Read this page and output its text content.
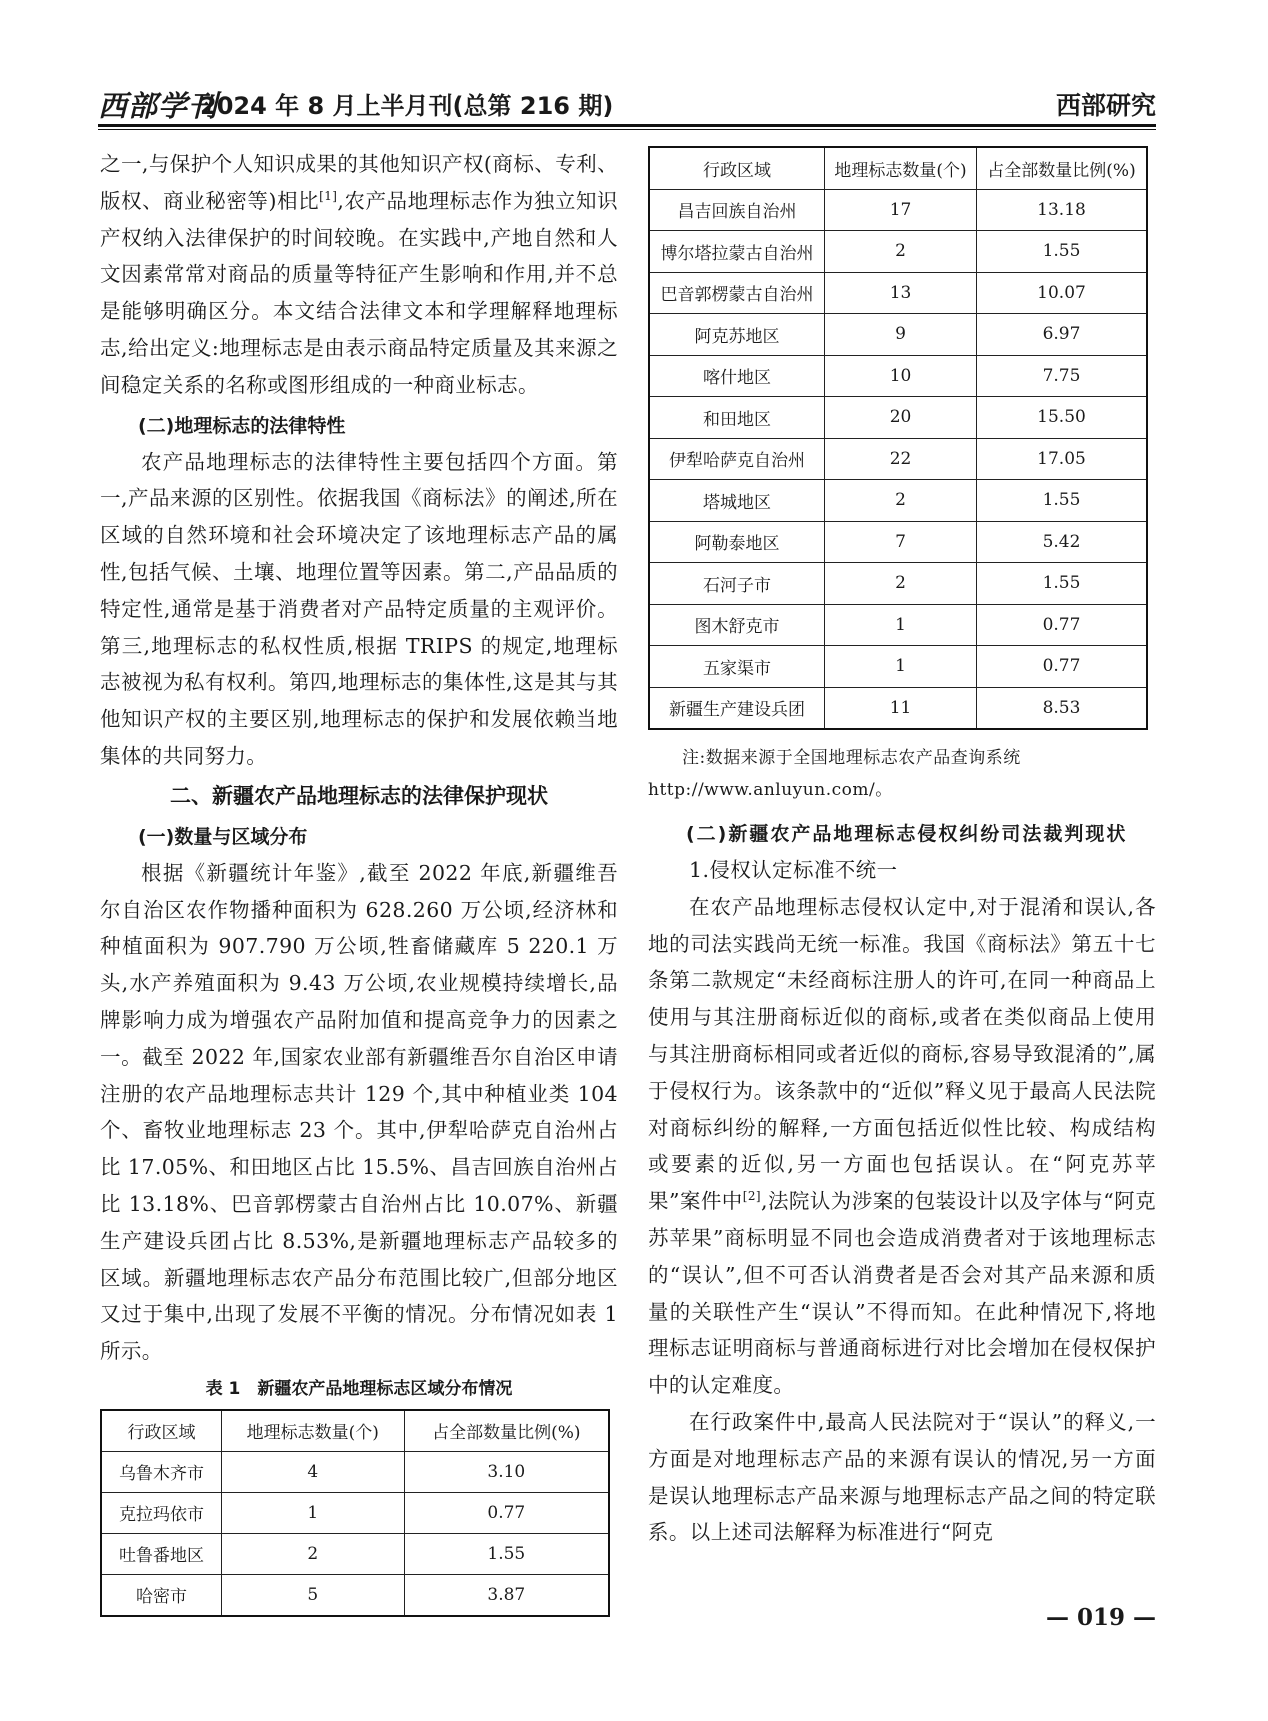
西部学刊
2024 年 8 月上半月刊(总第 216 期)	西部研究

之一,与保护个人知识成果的其他知识产权(商标、专利、版权、商业秘密等)相比[1],农产品地理标志作为独立知识产权纳入法律保护的时间较晚。在实践中,产地自然和人文因素常常对商品的质量等特征产生影响和作用,并不总是能够明确区分。本文结合法律文本和学理解释地理标志,给出定义:地理标志是由表示商品特定质量及其来源之间稳定关系的名称或图形组成的一种商业标志。

(二)地理标志的法律特性

农产品地理标志的法律特性主要包括四个方面。第一,产品来源的区别性。依据我国《商标法》的阐述,所在区域的自然环境和社会环境决定了该地理标志产品的属性,包括气候、土壤、地理位置等因素。第二,产品品质的特定性,通常是基于消费者对产品特定质量的主观评价。第三,地理标志的私权性质,根据 TRIPS 的规定,地理标志被视为私有权利。第四,地理标志的集体性,这是其与其他知识产权的主要区别,地理标志的保护和发展依赖当地集体的共同努力。

二、新疆农产品地理标志的法律保护现状
(一)数量与区域分布

根据《新疆统计年鉴》,截至 2022 年底,新疆维吾尔自治区农作物播种面积为 628.260 万公顷,经济林和种植面积为 907.790 万公顷,牲畜储藏库 5 220.1 万头,水产养殖面积为 9.43 万公顷,农业规模持续增长,品牌影响力成为增强农产品附加值和提高竞争力的因素之一。截至 2022 年,国家农业部有新疆维吾尔自治区申请注册的农产品地理标志共计 129 个,其中种植业类 104 个、畜牧业地理标志 23 个。其中,伊犁哈萨克自治州占比 17.05%、和田地区占比 15.5%、昌吉回族自治州占比 13.18%、巴音郭楞蒙古自治州占比 10.07%、新疆生产建设兵团占比 8.53%,是新疆地理标志产品较多的区域。新疆地理标志农产品分布范围比较广,但部分地区又过于集中,出现了发展不平衡的情况。分布情况如表 1 所示。

表 1　新疆农产品地理标志区域分布情况
行政区域	地理标志数量(个)	占全部数量比例(%)
乌鲁木齐市	4	3.10
克拉玛依市	1	0.77
吐鲁番地区	2	1.55
哈密市	5	3.87
行政区域	地理标志数量(个)	占全部数量比例(%)
昌吉回族自治州	17	13.18
博尔塔拉蒙古自治州	2	1.55
巴音郭楞蒙古自治州	13	10.07
阿克苏地区	9	6.97
喀什地区	10	7.75
和田地区	20	15.50
伊犁哈萨克自治州	22	17.05
塔城地区	2	1.55
阿勒泰地区	7	5.42
石河子市	2	1.55
图木舒克市	1	0.77
五家渠市	1	0.77
新疆生产建设兵团	11	8.53

注:数据来源于全国地理标志农产品查询系统 http://www.anluyun.com/。

(二)新疆农产品地理标志侵权纠纷司法裁判现状

1.侵权认定标准不统一

在农产品地理标志侵权认定中,对于混淆和误认,各地的司法实践尚无统一标准。我国《商标法》第五十七条第二款规定“未经商标注册人的许可,在同一种商品上使用与其注册商标近似的商标,或者在类似商品上使用与其注册商标相同或者近似的商标,容易导致混淆的”,属于侵权行为。该条款中的“近似”释义见于最高人民法院对商标纠纷的解释,一方面包括近似性比较、构成结构或要素的近似,另一方面也包括误认。在“阿克苏苹果”案件中[2],法院认为涉案的包装设计以及字体与“阿克苏苹果”商标明显不同也会造成消费者对于该地理标志的“误认”,但不可否认消费者是否会对其产品来源和质量的关联性产生“误认”不得而知。在此种情况下,将地理标志证明商标与普通商标进行对比会增加在侵权保护中的认定难度。

在行政案件中,最高人民法院对于“误认”的释义,一方面是对地理标志产品的来源有误认的情况,另一方面是误认地理标志产品来源与地理标志产品之间的特定联系。以上述司法解释为标准进行“阿克

— 019 —
